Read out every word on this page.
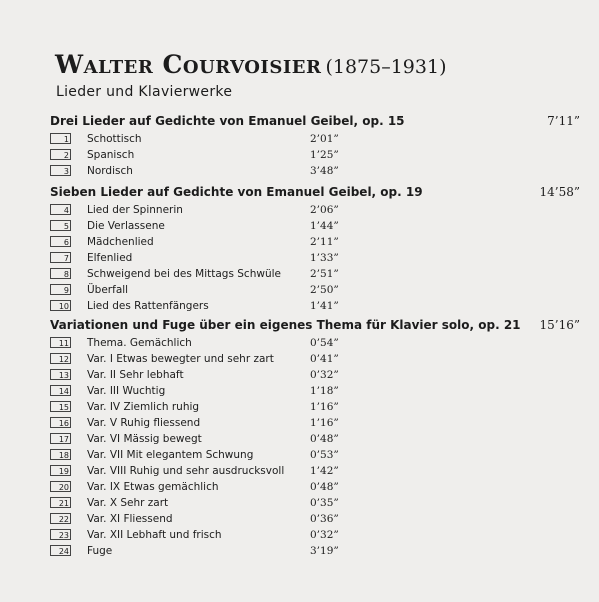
Walter Courvoisier (1875–1931)
Lieder und Klavierwerke
Drei Lieder auf Gedichte von Emanuel Geibel, op. 15	7’11”
1 Schottisch	2’01”
2 Spanisch	1’25”
3 Nordisch	3’48”
Sieben Lieder auf Gedichte von Emanuel Geibel, op. 19	14’58”
4 Lied der Spinnerin	2’06”
5 Die Verlassene	1’44”
6 Mädchenlied	2’11”
7 Elfenlied	1’33”
8 Schweigend bei des Mittags Schwüle	2’51”
9 Überfall	2’50”
10 Lied des Rattenfängers	1’41”
Variationen und Fuge über ein eigenes Thema für Klavier solo, op. 21 15’16”
11 Thema. Gemächlich	0’54”
12 Var. I Etwas bewegter und sehr zart	0’41”
13 Var. II Sehr lebhaft	0’32”
14 Var. III Wuchtig	1’18”
15 Var. IV Ziemlich ruhig	1’16”
16 Var. V Ruhig fliessend	1’16”
17 Var. VI Mässig bewegt	0’48”
18 Var. VII Mit elegantem Schwung	0’53”
19 Var. VIII Ruhig und sehr ausdrucksvoll 1’42”
20 Var. IX Etwas gemächlich	0’48”
21 Var. X Sehr zart	0’35”
22 Var. XI Fliessend	0’36”
23 Var. XII Lebhaft und frisch	0’32”
24 Fuge	3’19”
